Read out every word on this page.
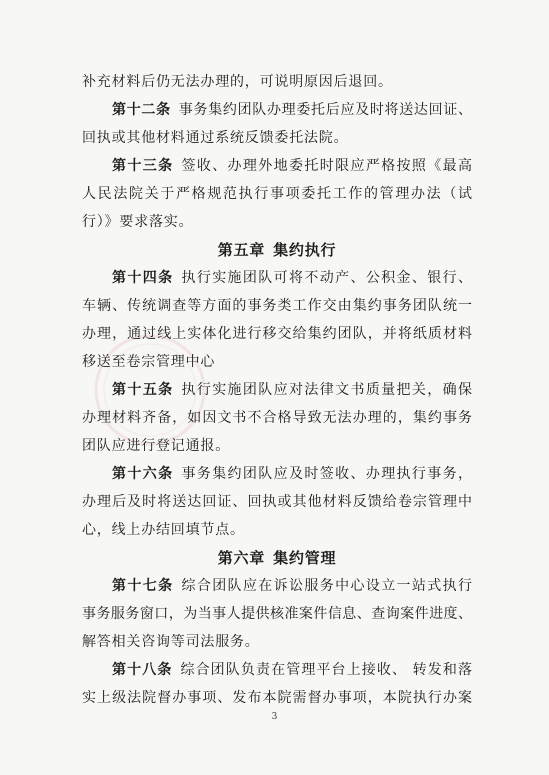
补充材料后仍无法办理的，可说明原因后退回。
第十二条 事务集约团队办理委托后应及时将送达回证、
回执或其他材料通过系统反馈委托法院。
第十三条 签收、办理外地委托时限应严格按照《最高
人民法院关于严格规范执行事项委托工作的管理办法（试
行）》要求落实。
第五章 集约执行
第十四条 执行实施团队可将不动产、公积金、银行、
车辆、传统调查等方面的事务类工作交由集约事务团队统一
办理，通过线上实体化进行移交给集约团队，并将纸质材料
移送至卷宗管理中心
第十五条 执行实施团队应对法律文书质量把关，确保
办理材料齐备，如因文书不合格导致无法办理的，集约事务
团队应进行登记通报。
第十六条 事务集约团队应及时签收、办理执行事务，
办理后及时将送达回证、回执或其他材料反馈给卷宗管理中
心，线上办结回填节点。
第六章 集约管理
第十七条 综合团队应在诉讼服务中心设立一站式执行
事务服务窗口，为当事人提供核准案件信息、查询案件进度、
解答相关咨询等司法服务。
第十八条 综合团队负责在管理平台上接收、 转发和落
实上级法院督办事项、发布本院需督办事项，本院执行办案
3
